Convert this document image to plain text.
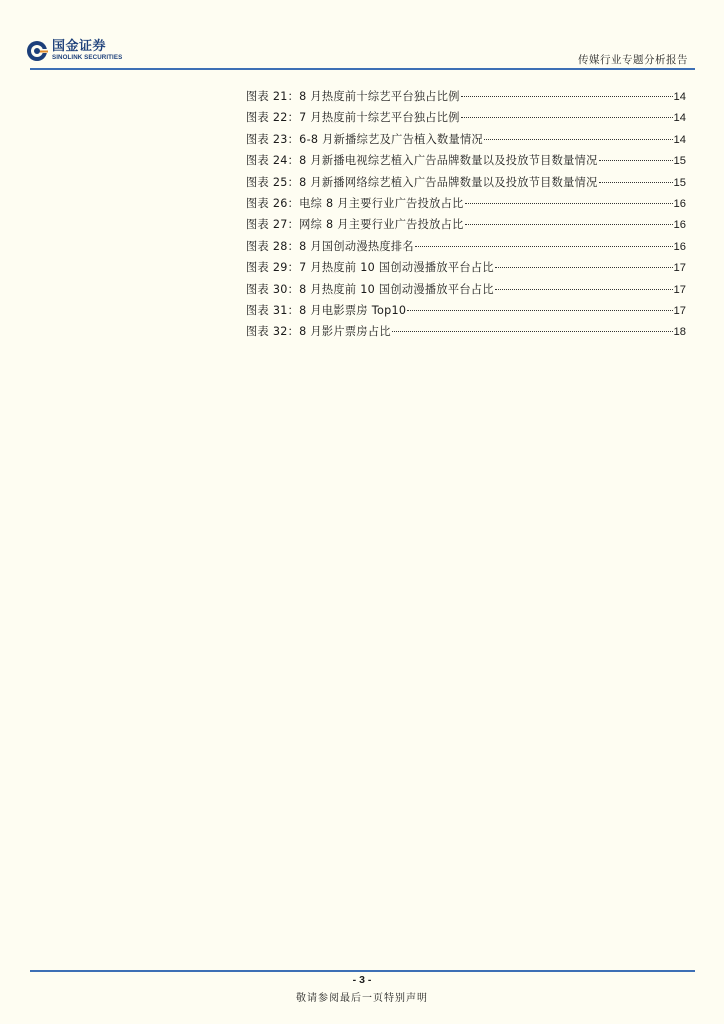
国金证券
SINOLINK SECURITIES	传媒行业专题分析报告
图表 21：8 月热度前十综艺平台独占比例	14
图表 22：7 月热度前十综艺平台独占比例	14
图表 23：6-8 月新播综艺及广告植入数量情况	14
图表 24：8 月新播电视综艺植入广告品牌数量以及投放节目数量情况	15
图表 25：8 月新播网络综艺植入广告品牌数量以及投放节目数量情况	15
图表 26：电综 8 月主要行业广告投放占比	16
图表 27：网综 8 月主要行业广告投放占比	16
图表 28：8 月国创动漫热度排名	16
图表 29：7 月热度前 10 国创动漫播放平台占比	17
图表 30：8 月热度前 10 国创动漫播放平台占比	17
图表 31：8 月电影票房 Top10	17
图表 32：8 月影片票房占比	18
- 3 -
敬请参阅最后一页特别声明
